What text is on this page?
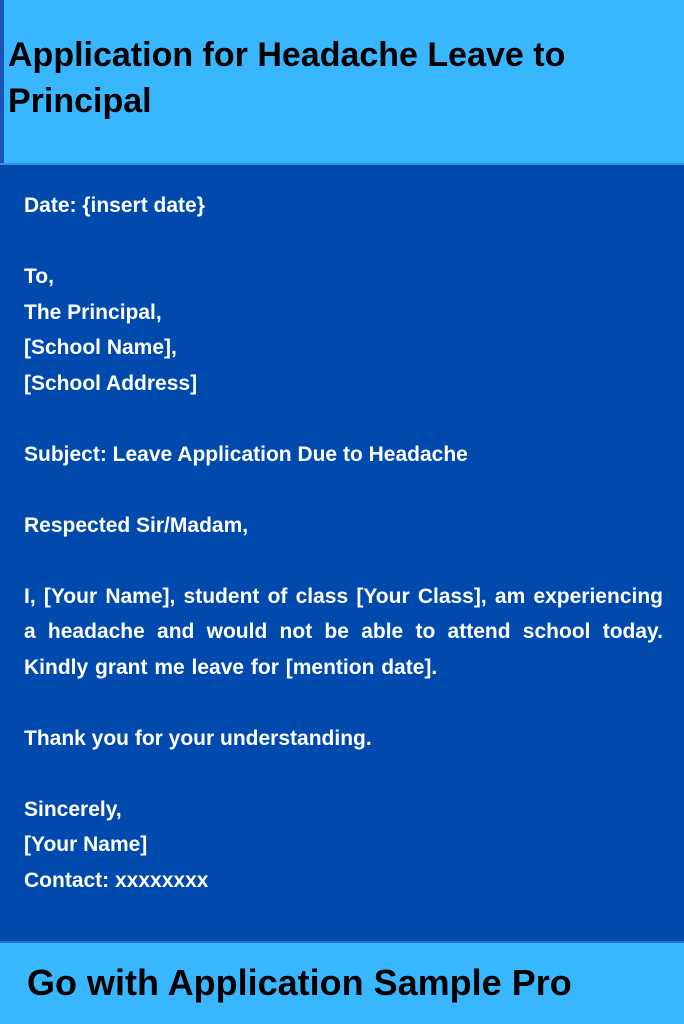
Application for Headache Leave to Principal
Date: {insert date}
To,
The Principal,
[School Name],
[School Address]
Subject: Leave Application Due to Headache
Respected Sir/Madam,
I, [Your Name], student of class [Your Class], am experiencing a headache and would not be able to attend school today. Kindly grant me leave for [mention date].
Thank you for your understanding.
Sincerely,
[Your Name]
Contact: xxxxxxxx

Go with Application Sample Pro
